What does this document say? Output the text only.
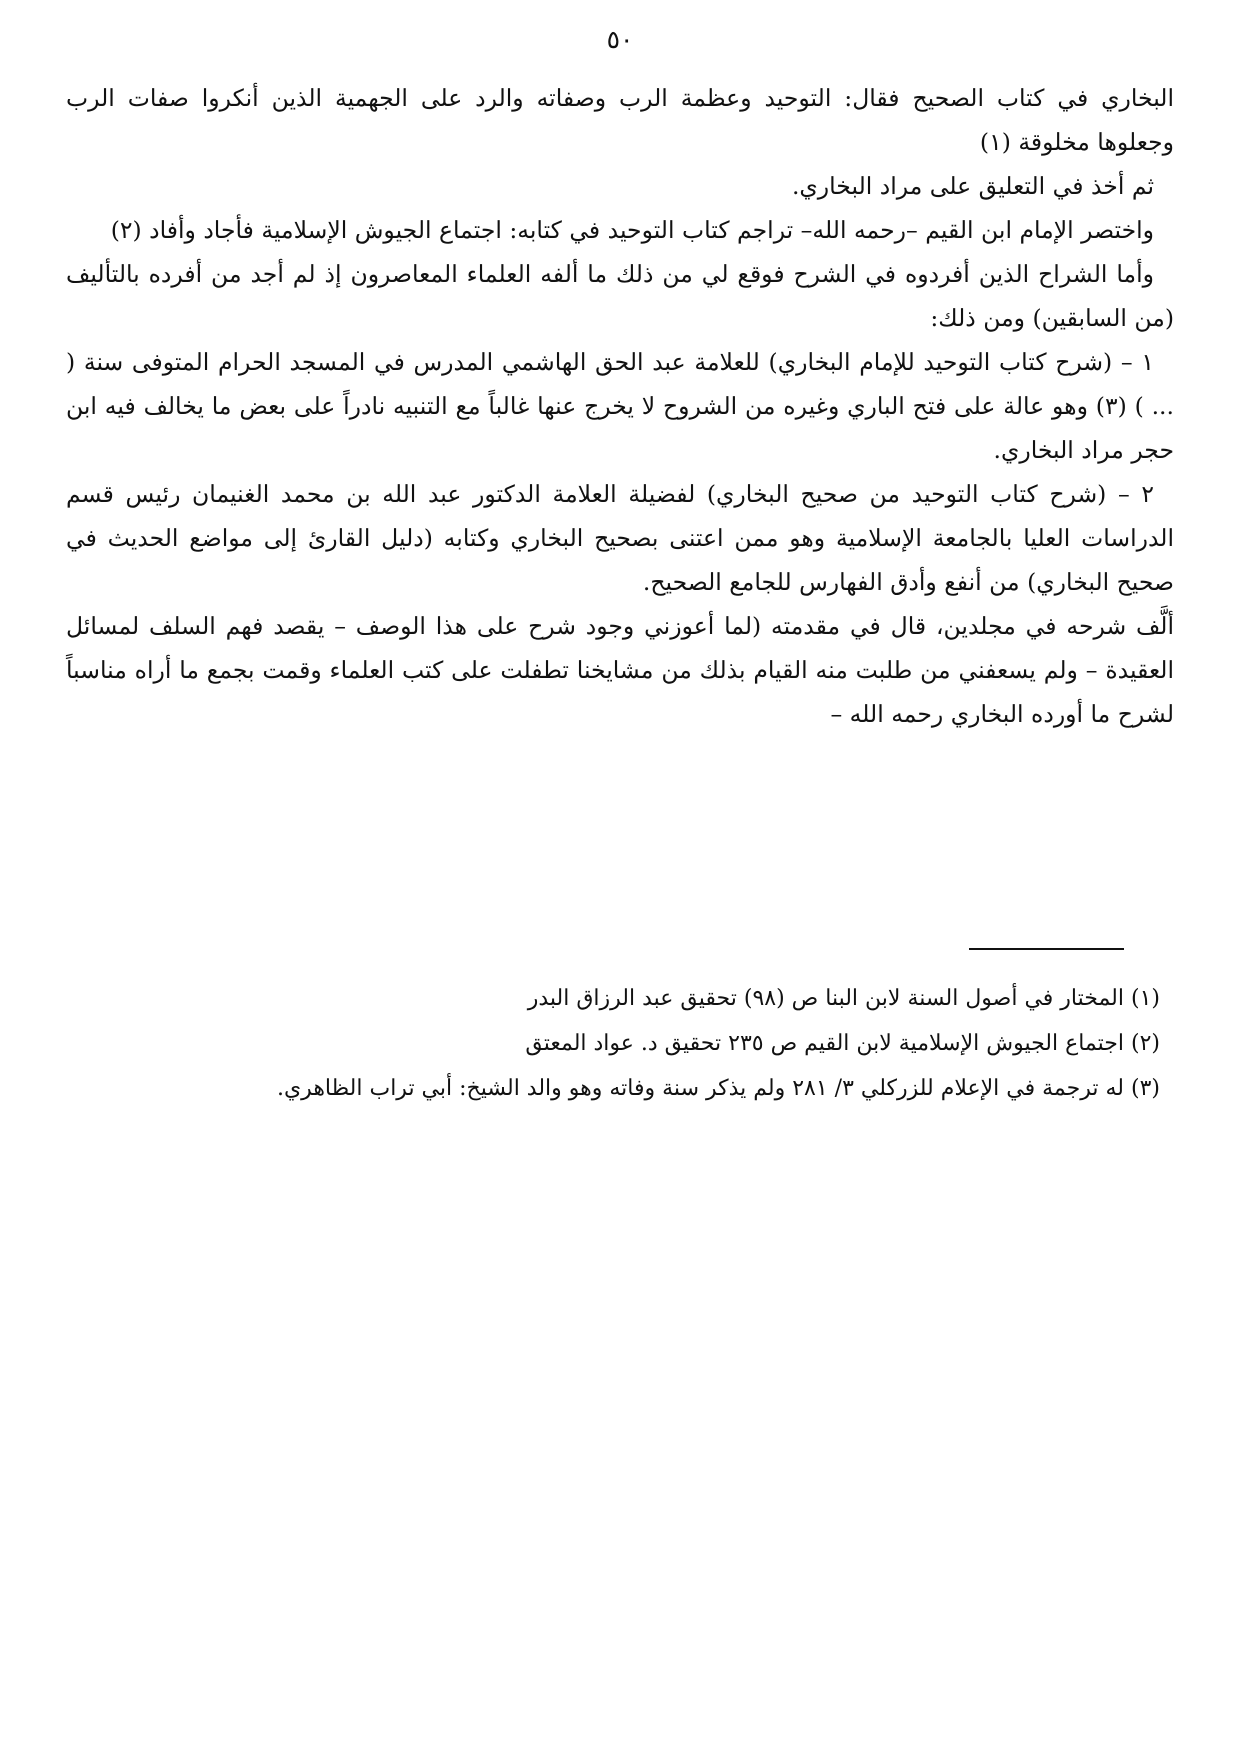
٥٠

البخاري في كتاب الصحيح فقال: التوحيد وعظمة الرب وصفاته والرد على الجهمية الذين أنكروا صفات الرب وجعلوها مخلوقة (١)

ثم أخذ في التعليق على مراد البخاري.

واختصر الإمام ابن القيم –رحمه الله– تراجم كتاب التوحيد في كتابه: اجتماع الجيوش الإسلامية فأجاد وأفاد (٢)

وأما الشراح الذين أفردوه في الشرح فوقع لي من ذلك ما ألفه العلماء المعاصرون إذ لم أجد من أفرده بالتأليف (من السابقين) ومن ذلك:

١ – (شرح كتاب التوحيد للإمام البخاري) للعلامة عبد الحق الهاشمي المدرس في المسجد الحرام المتوفى سنة ( ... ) (٣) وهو عالة على فتح الباري وغيره من الشروح لا يخرج عنها غالباً مع التنبيه نادراً على بعض ما يخالف فيه ابن حجر مراد البخاري.

٢ – (شرح كتاب التوحيد من صحيح البخاري) لفضيلة العلامة الدكتور عبد الله بن محمد الغنيمان رئيس قسم الدراسات العليا بالجامعة الإسلامية وهو ممن اعتنى بصحيح البخاري وكتابه (دليل القارئ إلى مواضع الحديث في صحيح البخاري) من أنفع وأدق الفهارس للجامع الصحيح.

ألَّف شرحه في مجلدين، قال في مقدمته (لما أعوزني وجود شرح على هذا الوصف – يقصد فهم السلف لمسائل العقيدة – ولم يسعفني من طلبت منه القيام بذلك من مشايخنا تطفلت على كتب العلماء وقمت بجمع ما أراه مناسباً لشرح ما أورده البخاري رحمه الله –

(١) المختار في أصول السنة لابن البنا ص (٩٨) تحقيق عبد الرزاق البدر

(٢) اجتماع الجيوش الإسلامية لابن القيم ص ٢٣٥ تحقيق د. عواد المعتق

(٣) له ترجمة في الإعلام للزركلي ٣/ ٢٨١ ولم يذكر سنة وفاته وهو والد الشيخ: أبي تراب الظاهري.
